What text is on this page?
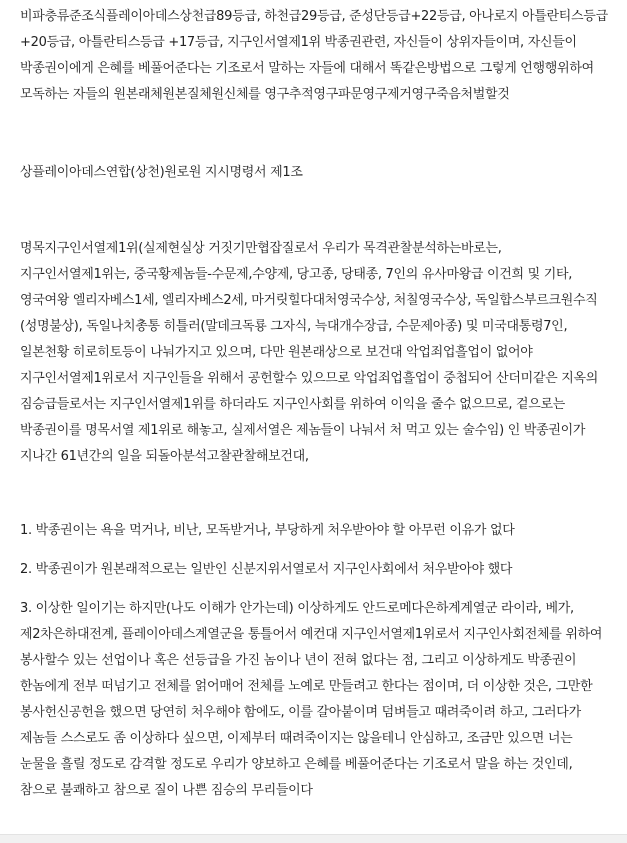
비파충류준조식플레이아데스상천급89등급, 하천급29등급, 준성단등급+22등급, 아나로지 아틀란티스등급 +20등급, 아틀란티스등급 +17등급, 지구인서열제1위 박종권관련, 자신들이 상위자들이며, 자신들이 박종권이에게 은혜를 베풀어준다는 기조로서 말하는 자들에 대해서 똑같은방법으로 그렇게 언행행위하여 모독하는 자들의 원본래체원본질체원신체를 영구추적영구파문영구제거영구죽음처벌할것

상플레이아데스연합(상천)원로원 지시명령서 제1조

명목지구인서열제1위(실제현실상 거짓기만협잡질로서 우리가 목격관찰분석하는바로는, 지구인서열제1위는, 중국황제놈들-수문제,수양제, 당고종, 당태종, 7인의 유사마왕급 이건희 및 기타, 영국여왕 엘리자베스1세, 엘리자베스2세, 마거릿힐다대처영국수상, 처칠영국수상, 독일합스부르크원수직(성명불상), 독일나치총통 히틀러(말데크독룡 그자식, 늑대개수장급, 수문제아종) 및 미국대통령7인, 일본천황 히로히토등이 나눠가지고 있으며, 다만 원본래상으로 보건대 악업죄업흘업이 없어야 지구인서열제1위로서 지구인들을 위해서 공헌할수 있으므로 악업죄업흘업이 중첩되어 산더미같은 지옥의 짐승급들로서는 지구인서열제1위를 하더라도 지구인사회를 위하여 이익을 줄수 없으므로, 겉으로는 박종권이를 명목서열 제1위로 해놓고, 실제서열은 제놈들이 나눠서 처 먹고 있는 술수임) 인 박종권이가 지나간 61년간의 일을 되돌아분석고찰관찰해보건대,

1. 박종권이는 욕을 먹거나, 비난, 모독받거나, 부당하게 처우받아야 할 아무런 이유가 없다

2. 박종권이가 원본래적으로는 일반인 신분지위서열로서 지구인사회에서 처우받아야 했다

3. 이상한 일이기는 하지만(나도 이해가 안가는데) 이상하게도 안드로메다은하계계열군 라이라, 베가, 제2차은하대전계, 플레이아데스계열군을 통틀어서 예컨대 지구인서열제1위로서 지구인사회전체를 위하여 봉사할수 있는 선업이나 혹은 선등급을 가진 놈이나 년이 전혀 없다는 점, 그리고 이상하게도 박종권이 한놈에게 전부 떠넘기고 전체를 얽어매어 전체를 노예로 만들려고 한다는 점이며, 더 이상한 것은, 그만한 봉사헌신공헌을 했으면 당연히 처우해야 함에도, 이를 갈아붙이며 덤벼들고 때려죽이려 하고, 그러다가 제놈들 스스로도 좀 이상하다 싶으면, 이제부터 때려죽이지는 않을테니 안심하고, 조금만 있으면 너는 눈물을 흘릴 정도로 감격할 정도로 우리가 양보하고 은혜를 베풀어준다는 기조로서 말을 하는 것인데, 참으로 불쾌하고 참으로 질이 나쁜 짐승의 무리들이다
